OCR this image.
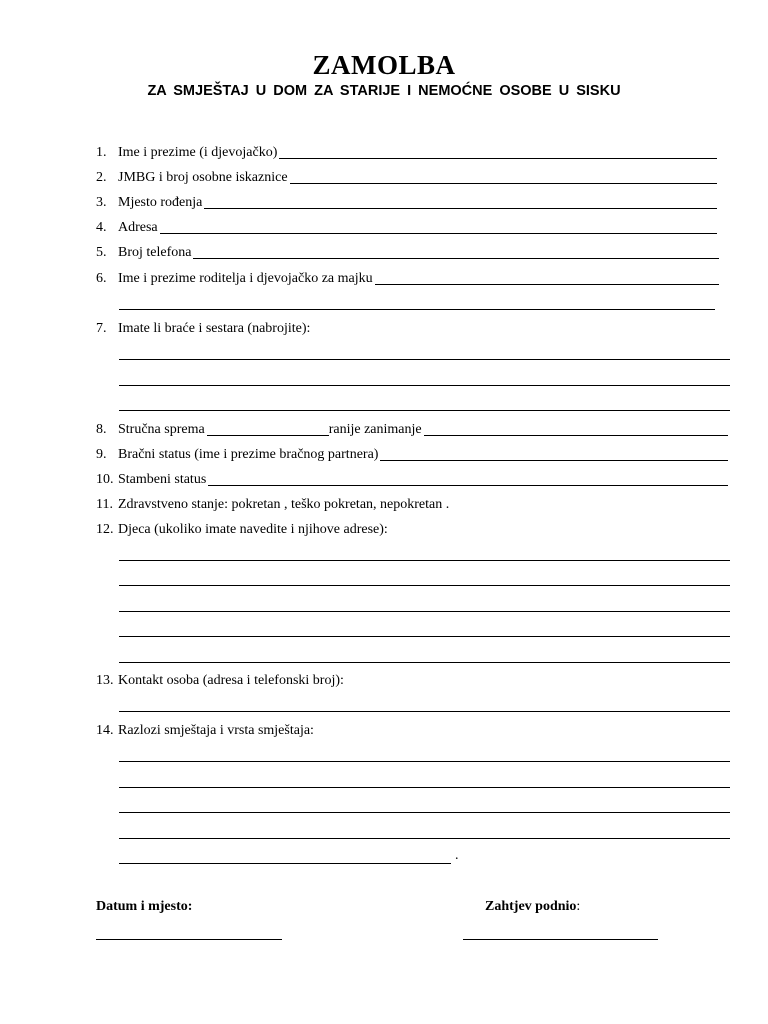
ZAMOLBA
ZA SMJEŠTAJ U DOM ZA STARIJE I NEMOĆNE OSOBE U SISKU
1. Ime i prezime (i djevojačko)
2. JMBG i broj osobne iskaznice
3. Mjesto rođenja
4. Adresa
5. Broj telefona
6. Ime i prezime roditelja i djevojačko za majku
7. Imate li braće i sestara (nabrojite):
8. Stručna sprema	ranije zanimanje
9. Bračni status (ime i prezime bračnog partnera)
10. Stambeni status
11. Zdravstveno stanje: pokretan , teško pokretan, nepokretan .
12. Djeca (ukoliko imate navedite i njihove adrese):
13. Kontakt osoba (adresa i telefonski broj):
14. Razlozi smještaja i vrsta smještaja:
.
Datum i mjesto:	Zahtjev podnio:
